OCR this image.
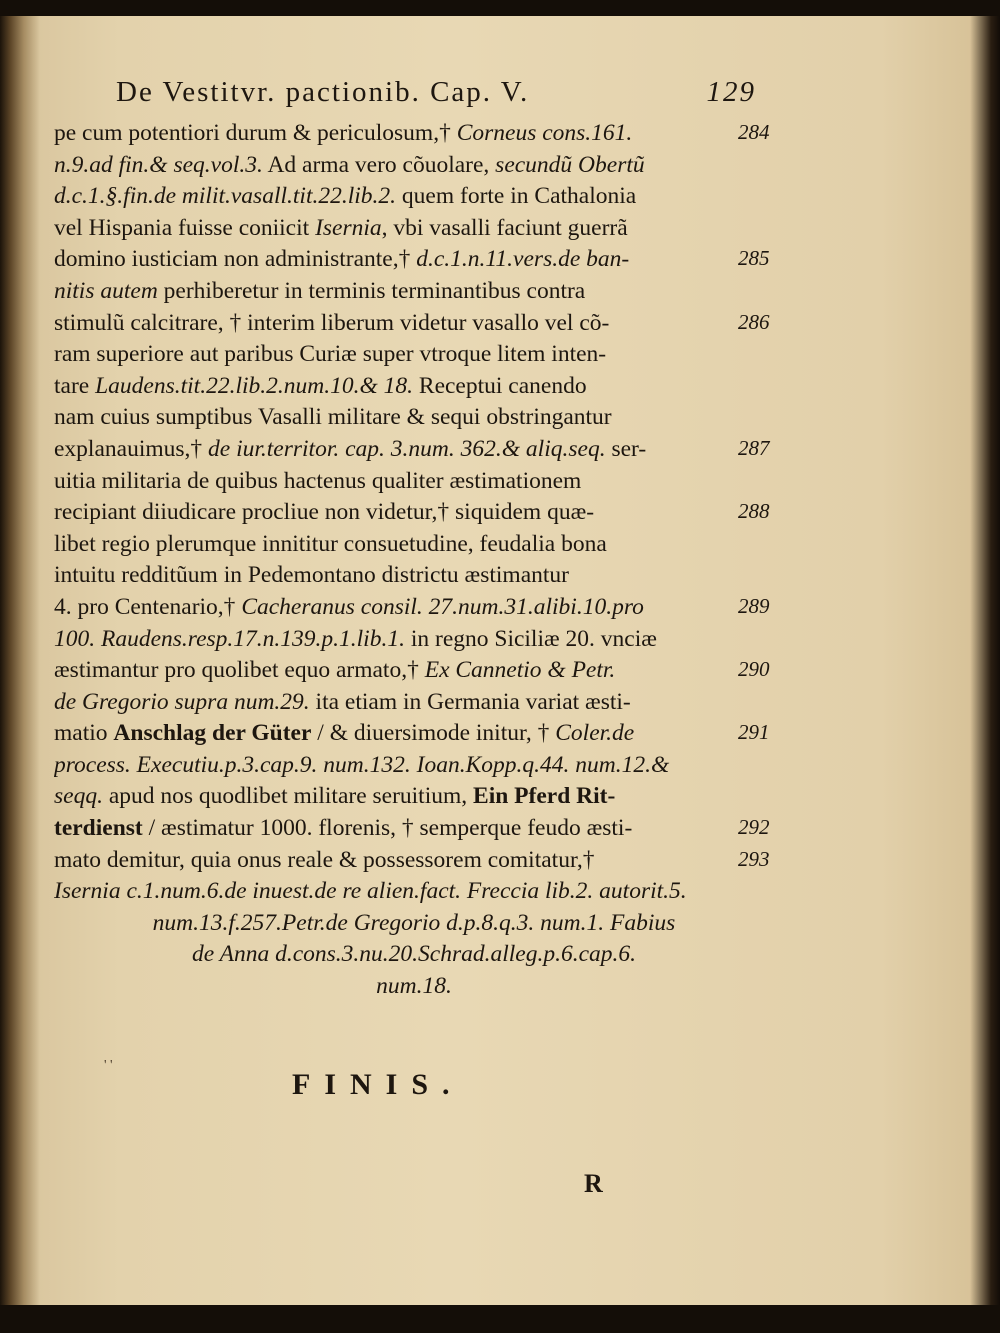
De Vestitvr. pactionib. Cap. V.	129
pe cum potentiori durum & periculosum,† Corneus cons.161.
n.9.ad fin.& seq.vol.3. Ad arma vero cõuolare, secundũ Obertũ
d.c.1.§.fin.de milit.vasall.tit.22.lib.2. quem forte in Cathalonia
vel Hispania fuisse coniicit Isernia, vbi vasalli faciunt guerrã
domino iusticiam non administrante,† d.c.1.n.11.vers.de ban-
nitis autem perhiberetur in terminis terminantibus contra
stimulũ calcitrare, † interim liberum videtur vasallo vel cõ-
ram superiore aut paribus Curiæ super vtroque litem inten-
tare Laudens.tit.22.lib.2.num.10.& 18. Receptui canendo
nam cuius sumptibus Vasalli militare & sequi obstringantur
explanauimus,† de iur.territor. cap. 3.num. 362.& aliq.seq. ser-
uitia militaria de quibus hactenus qualiter æstimationem
recipiant diiudicare procliue non videtur,† siquidem quæ-
libet regio plerumque innititur consuetudine, feudalia bona
intuitu redditũum in Pedemontano districtu æstimantur
4. pro Centenario,† Cacheranus consil. 27.num.31.alibi.10.pro
100. Raudens.resp.17.n.139.p.1.lib.1. in regno Siciliæ 20. vnciæ
æstimantur pro quolibet equo armato,† Ex Cannetio & Petr.
de Gregorio supra num.29. ita etiam in Germania variat æsti-
matio Anschlag der Güter / & diuersimode initur, † Coler.de
process. Executiu.p.3.cap.9. num.132. Ioan.Kopp.q.44. num.12.&
seqq. apud nos quodlibet militare seruitium, Ein Pferd Rit-
terdienst / æstimatur 1000. florenis, † semperque feudo æsti-
mato demitur, quia onus reale & possessorem comitatur,†
Isernia c.1.num.6.de inuest.de re alien.fact. Freccia lib.2. autorit.5.
num.13.f.257.Petr.de Gregorio d.p.8.q.3. num.1. Fabius
de Anna d.cons.3.nu.20.Schrad.alleg.p.6.cap.6.
num.18.
284
285
286
287
288
289
290
291
292
293
' '
FINIS.
R
